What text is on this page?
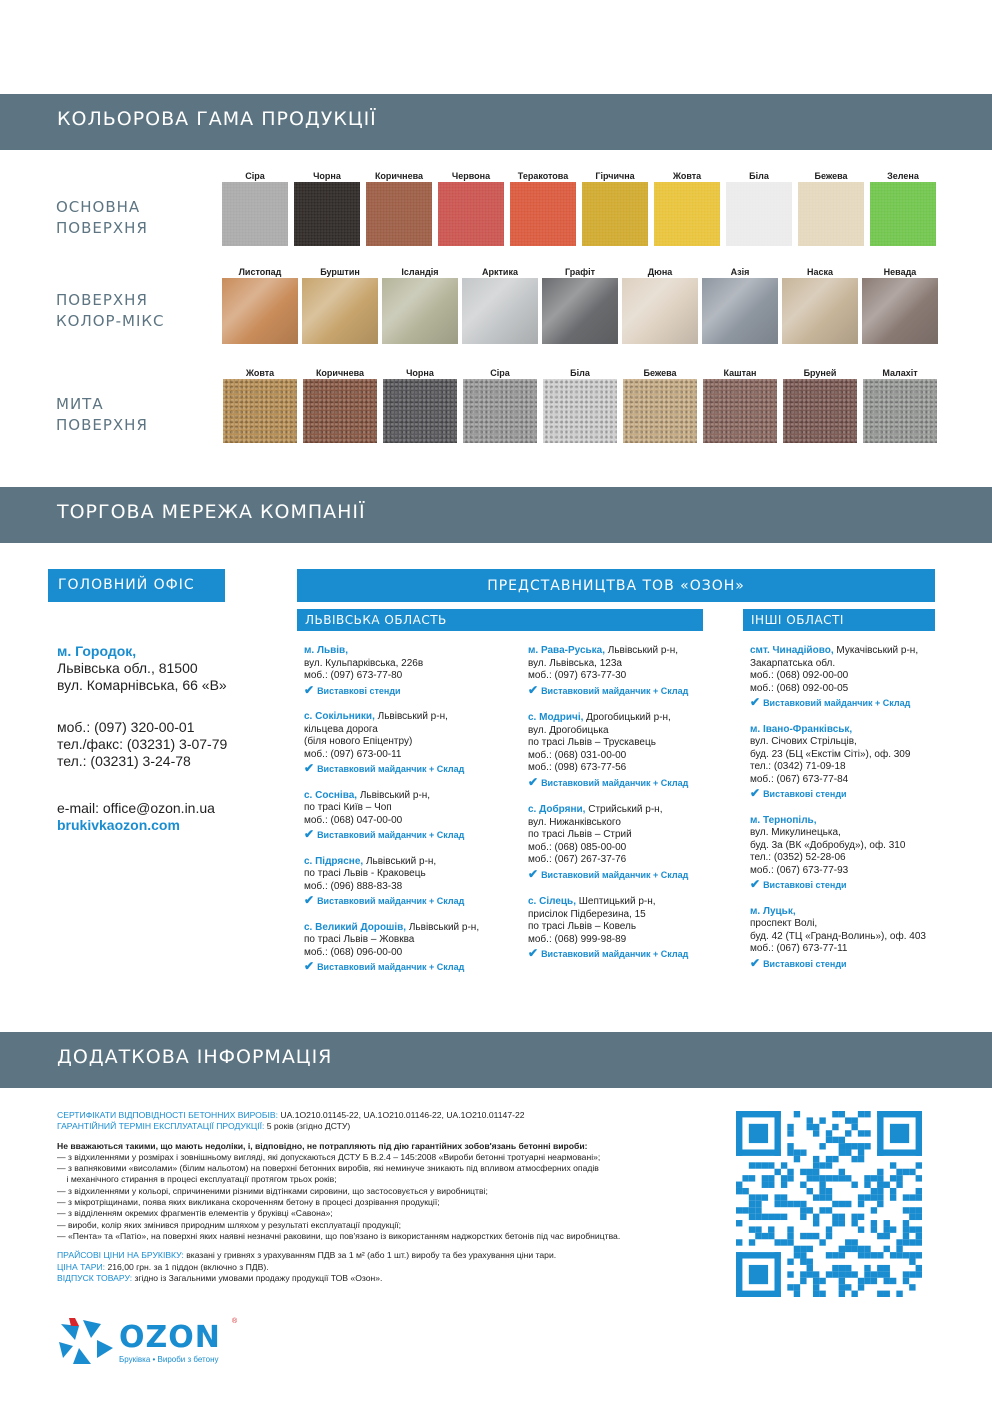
КОЛЬОРОВА ГАМА ПРОДУКЦІЇ
ОСНОВНА
ПОВЕРХНЯ
Сіра	Чорна	Коричнева	Червона	Теракотова	Гірчична	Жовта	Біла	Бежева	Зелена
ПОВЕРХНЯ
КОЛОР-МІКС
Листопад	Бурштин	Ісландія	Арктика	Графіт	Дюна	Азія	Наска	Невада
МИТА
ПОВЕРХНЯ
Жовта	Коричнева	Чорна	Сіра	Біла	Бежева	Каштан	Бруней	Малахіт
ТОРГОВА МЕРЕЖА КОМПАНІЇ
ГОЛОВНИЙ ОФІС
м. Городок,
Львівська обл., 81500
вул. Комарнівська, 66 «В»
моб.: (097) 320-00-01
тел./факс: (03231) 3-07-79
тел.: (03231) 3-24-78
e-mail: office@ozon.in.ua
brukivkaozon.com
ПРЕДСТАВНИЦТВА ТОВ «ОЗОН»
ЛЬВІВСЬКА ОБЛАСТЬ	ІНШІ ОБЛАСТІ
м. Львів,
вул. Кульпарківська, 226в
моб.: (097) 673-77-80
✔ Виставкові стенди
с. Сокільники, Львівський р-н,
кільцева дорога
(біля нового Епіцентру)
моб.: (097) 673-00-11
✔ Виставковий майданчик + Склад
с. Сосніва, Львівський р-н,
по трасі Київ – Чоп
моб.: (068) 047-00-00
✔ Виставковий майданчик + Склад
с. Підрясне, Львівський р-н,
по трасі Львів - Краковець
моб.: (096) 888-83-38
✔ Виставковий майданчик + Склад
с. Великий Дорошів, Львівський р-н,
по трасі Львів – Жовква
моб.: (068) 096-00-00
✔ Виставковий майданчик + Склад
м. Рава-Руська, Львівський р-н,
вул. Львівська, 123а
моб.: (097) 673-77-30
✔ Виставковий майданчик + Склад
с. Модричі, Дрогобицький р-н,
вул. Дрогобицька
по трасі Львів – Трускавець
моб.: (068) 031-00-00
моб.: (098) 673-77-56
✔ Виставковий майданчик + Склад
с. Добряни, Стрийський р-н,
вул. Нижанківського
по трасі Львів – Стрий
моб.: (068) 085-00-00
моб.: (067) 267-37-76
✔ Виставковий майданчик + Склад
с. Сілець, Шептицький р-н,
присілок Підберезина, 15
по трасі Львів – Ковель
моб.: (068) 999-98-89
✔ Виставковий майданчик + Склад
смт. Чинадійово, Мукачівський р-н,
Закарпатська обл.
моб.: (068) 092-00-00
моб.: (068) 092-00-05
✔ Виставковий майданчик + Склад
м. Івано-Франківськ,
вул. Січових Стрільців,
буд. 23 (БЦ «Екстім Сіті»), оф. 309
тел.: (0342) 71-09-18
моб.: (067) 673-77-84
✔ Виставкові стенди
м. Тернопіль,
вул. Микулинецька,
буд. 3а (ВК «Добробуд»), оф. 310
тел.: (0352) 52-28-06
моб.: (067) 673-77-93
✔ Виставкові стенди
м. Луцьк,
проспект Волі,
буд. 42 (ТЦ «Гранд-Волинь»), оф. 403
моб.: (067) 673-77-11
✔ Виставкові стенди
ДОДАТКОВА ІНФОРМАЦІЯ
СЕРТИФІКАТИ ВІДПОВІДНОСТІ БЕТОННИХ ВИРОБІВ: UA.1O210.01145-22, UA.1O210.01146-22, UA.1O210.01147-22
ГАРАНТІЙНИЙ ТЕРМІН ЕКСПЛУАТАЦІЇ ПРОДУКЦІЇ: 5 років (згідно ДСТУ)
Не вважаються такими, що мають недоліки, і, відповідно, не потрапляють під дію гарантійних зобов'язань бетонні вироби:
— з відхиленнями у розмірах і зовнішньому вигляді, які допускаються ДСТУ Б В.2.4 – 145:2008 «Вироби бетонні тротуарні неармовані»;
— з вапняковими «висолами» (білим нальотом) на поверхні бетонних виробів, які неминуче зникають під впливом атмосферних опадів
і механічного стирання в процесі експлуатації протягом трьох років;
— з відхиленнями у кольорі, спричиненими різними відтінками сировини, що застосовується у виробництві;
— з мікротріщинами, поява яких викликана скороченням бетону в процесі дозрівання продукції;
— з відділенням окремих фрагментів елементів у бруківці «Савона»;
— вироби, колір яких змінився природним шляхом у результаті експлуатації продукції;
— «Пента» та «Патіо», на поверхні яких наявні незначні раковини, що пов'язано із використанням наджорстких бетонів під час виробництва.
ПРАЙСОВІ ЦІНИ НА БРУКІВКУ: вказані у гривнях з урахуванням ПДВ за 1 м² (або 1 шт.) виробу та без урахування ціни тари.
ЦІНА ТАРИ: 216,00 грн. за 1 піддон (включно з ПДВ).
ВІДПУСК ТОВАРУ: згідно із Загальними умовами продажу продукції ТОВ «Озон».
OZON ®
Бруківка • Вироби з бетону
